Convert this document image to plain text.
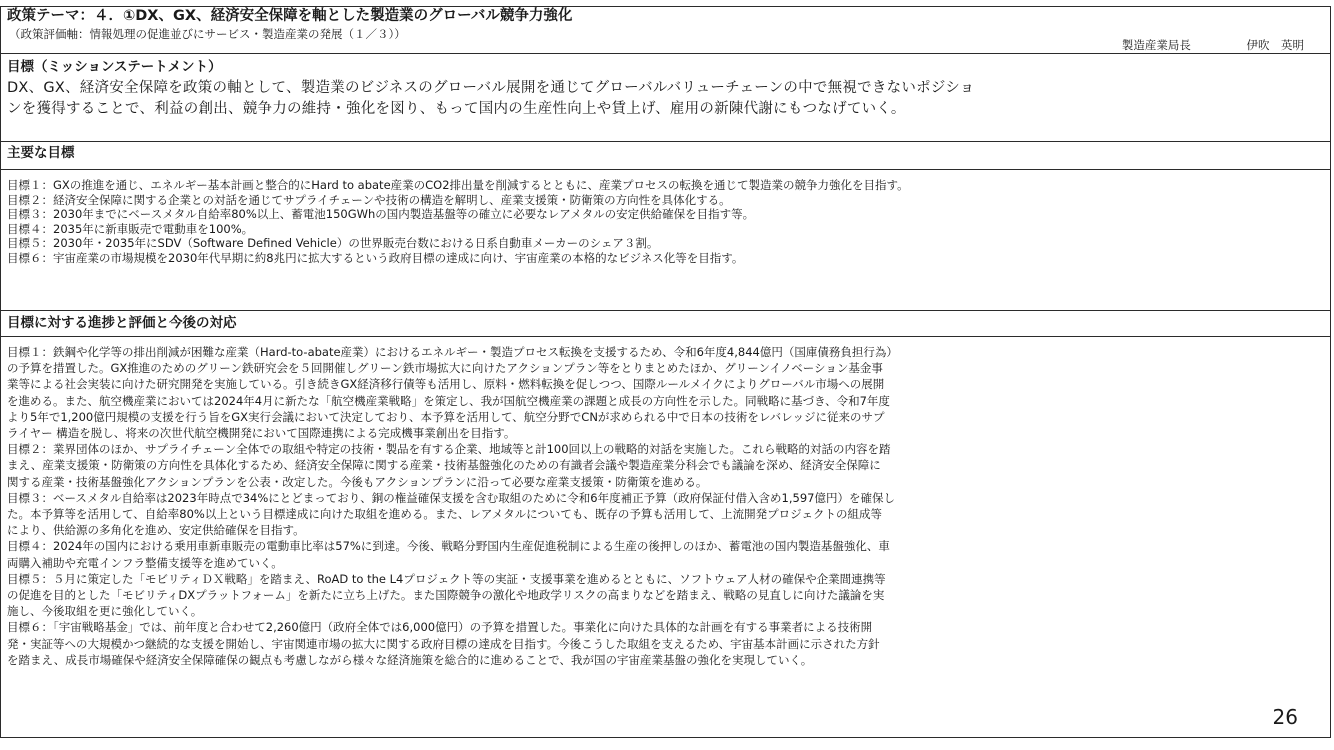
政策テーマ：４．①DX、GX、経済安全保障を軸とした製造業のグローバル競争力強化
（政策評価軸：情報処理の促進並びにサービス・製造産業の発展（１／３））
製造産業局長	伊吹　英明
目標（ミッションステートメント）
DX、GX、経済安全保障を政策の軸として、製造業のビジネスのグローバル展開を通じてグローバルバリューチェーンの中で無視できないポジショ
ンを獲得することで、利益の創出、競争力の維持・強化を図り、もって国内の生産性向上や賃上げ、雇用の新陳代謝にもつなげていく。
主要な目標
目標１：GXの推進を通じ、エネルギー基本計画と整合的にHard to abate産業のCO2排出量を削減するとともに、産業プロセスの転換を通じて製造業の競争力強化を目指す。
目標２：経済安全保障に関する企業との対話を通じてサプライチェーンや技術の構造を解明し、産業支援策・防衛策の方向性を具体化する。
目標３：2030年までにベースメタル自給率80%以上、蓄電池150GWhの国内製造基盤等の確立に必要なレアメタルの安定供給確保を目指す等。
目標４：2035年に新車販売で電動車を100%。
目標５：2030年・2035年にSDV（Software Defined Vehicle）の世界販売台数における日系自動車メーカーのシェア３割。
目標６：宇宙産業の市場規模を2030年代早期に約8兆円に拡大するという政府目標の達成に向け、宇宙産業の本格的なビジネス化等を目指す。
目標に対する進捗と評価と今後の対応
目標１：鉄鋼や化学等の排出削減が困難な産業（Hard-to-abate産業）におけるエネルギー・製造プロセス転換を支援するため、令和6年度4,844億円（国庫債務負担行為）
の予算を措置した。GX推進のためのグリーン鉄研究会を５回開催しグリーン鉄市場拡大に向けたアクションプラン等をとりまとめたほか、グリーンイノベーション基金事
業等による社会実装に向けた研究開発を実施している。引き続きGX経済移行債等も活用し、原料・燃料転換を促しつつ、国際ルールメイクによりグローバル市場への展開
を進める。また、航空機産業においては2024年4月に新たな「航空機産業戦略」を策定し、我が国航空機産業の課題と成長の方向性を示した。同戦略に基づき、令和7年度
より5年で1,200億円規模の支援を行う旨をGX実行会議において決定しており、本予算を活用して、航空分野でCNが求められる中で日本の技術をレバレッジに従来のサプ
ライヤー 構造を脱し、将来の次世代航空機開発において国際連携による完成機事業創出を目指す。
目標２：業界団体のほか、サプライチェーン全体での取組や特定の技術・製品を有する企業、地域等と計100回以上の戦略的対話を実施した。これら戦略的対話の内容を踏
まえ、産業支援策・防衛策の方向性を具体化するため、経済安全保障に関する産業・技術基盤強化のための有識者会議や製造産業分科会でも議論を深め、経済安全保障に
関する産業・技術基盤強化アクションプランを公表・改定した。今後もアクションプランに沿って必要な産業支援策・防衛策を進める。
目標３：ベースメタル自給率は2023年時点で34%にとどまっており、銅の権益確保支援を含む取組のために令和6年度補正予算（政府保証付借入含め1,597億円）を確保し
た。本予算等を活用して、自給率80%以上という目標達成に向けた取組を進める。また、レアメタルについても、既存の予算も活用して、上流開発プロジェクトの組成等
により、供給源の多角化を進め、安定供給確保を目指す。
目標４：2024年の国内における乗用車新車販売の電動車比率は57%に到達。今後、戦略分野国内生産促進税制による生産の後押しのほか、蓄電池の国内製造基盤強化、車
両購入補助や充電インフラ整備支援等を進めていく。
目標５：５月に策定した「モビリティＤＸ戦略」を踏まえ、RoAD to the L4プロジェクト等の実証・支援事業を進めるとともに、ソフトウェア人材の確保や企業間連携等
の促進を目的とした「モビリティDXプラットフォーム」を新たに立ち上げた。また国際競争の激化や地政学リスクの高まりなどを踏まえ、戦略の見直しに向けた議論を実
施し、今後取組を更に強化していく。
目標６：「宇宙戦略基金」では、前年度と合わせて2,260億円（政府全体では6,000億円）の予算を措置した。事業化に向けた具体的な計画を有する事業者による技術開
発・実証等への大規模かつ継続的な支援を開始し、宇宙関連市場の拡大に関する政府目標の達成を目指す。今後こうした取組を支えるため、宇宙基本計画に示された方針
を踏まえ、成長市場確保や経済安全保障確保の観点も考慮しながら様々な経済施策を総合的に進めることで、我が国の宇宙産業基盤の強化を実現していく。
26
